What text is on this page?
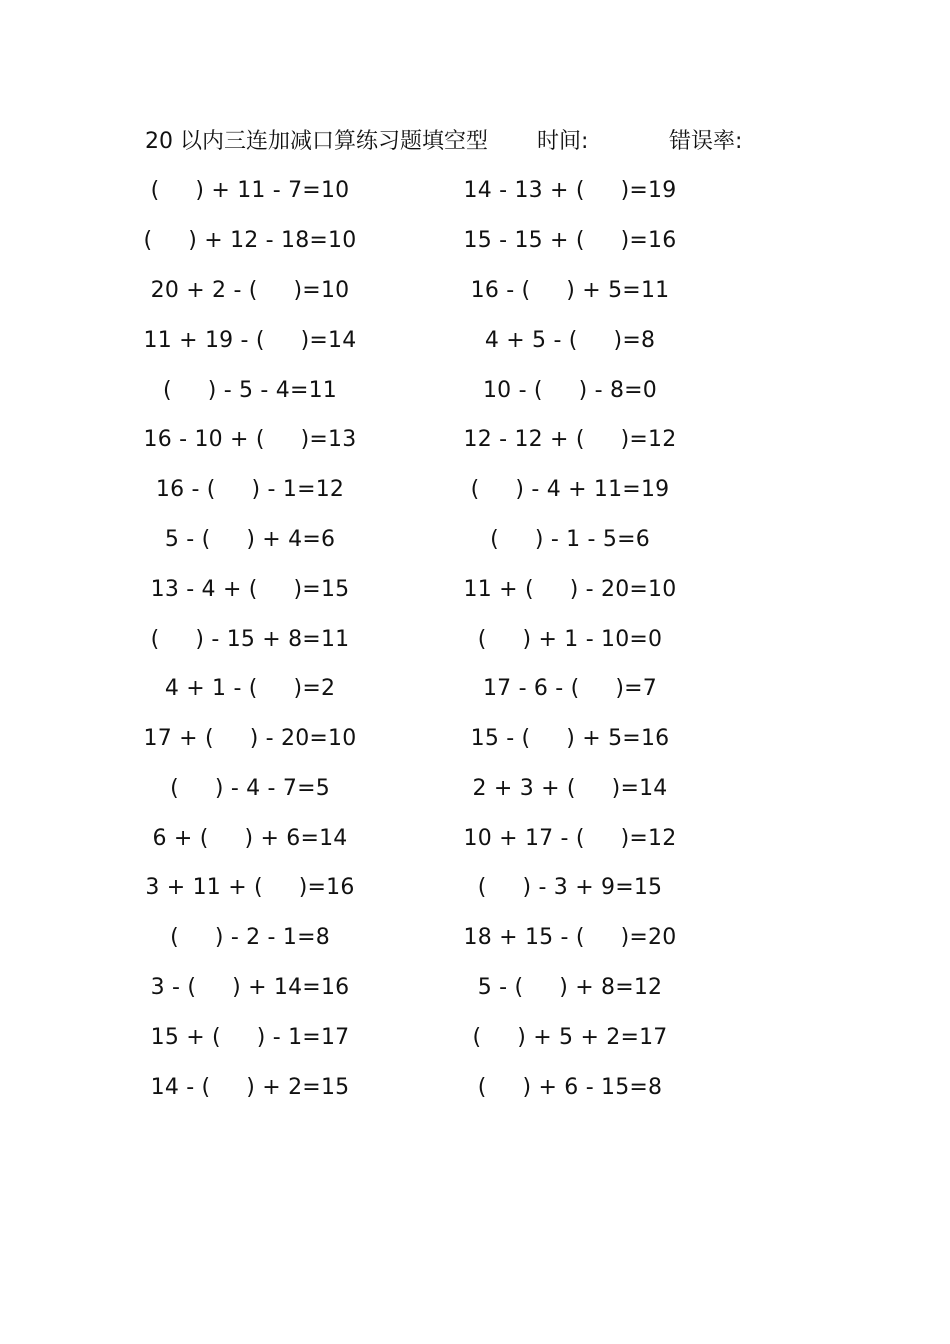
20 以内三连加减口算练习题填空型 时间:	错误率:
(     ) + 11 - 7=10	14 - 13 + (     )=19
(     ) + 12 - 18=10	15 - 15 + (     )=16
20 + 2 - (     )=10	16 - (     ) + 5=11
11 + 19 - (     )=14	4 + 5 - (     )=8
(     ) - 5 - 4=11	10 - (     ) - 8=0
16 - 10 + (     )=13	12 - 12 + (     )=12
16 - (     ) - 1=12	(     ) - 4 + 11=19
5 - (     ) + 4=6	(     ) - 1 - 5=6
13 - 4 + (     )=15	11 + (     ) - 20=10
(     ) - 15 + 8=11	(     ) + 1 - 10=0
4 + 1 - (     )=2	17 - 6 - (     )=7
17 + (     ) - 20=10	15 - (     ) + 5=16
(     ) - 4 - 7=5	2 + 3 + (     )=14
6 + (     ) + 6=14	10 + 17 - (     )=12
3 + 11 + (     )=16	(     ) - 3 + 9=15
(     ) - 2 - 1=8	18 + 15 - (     )=20
3 - (     ) + 14=16	5 - (     ) + 8=12
15 + (     ) - 1=17	(     ) + 5 + 2=17
14 - (     ) + 2=15	(     ) + 6 - 15=8
